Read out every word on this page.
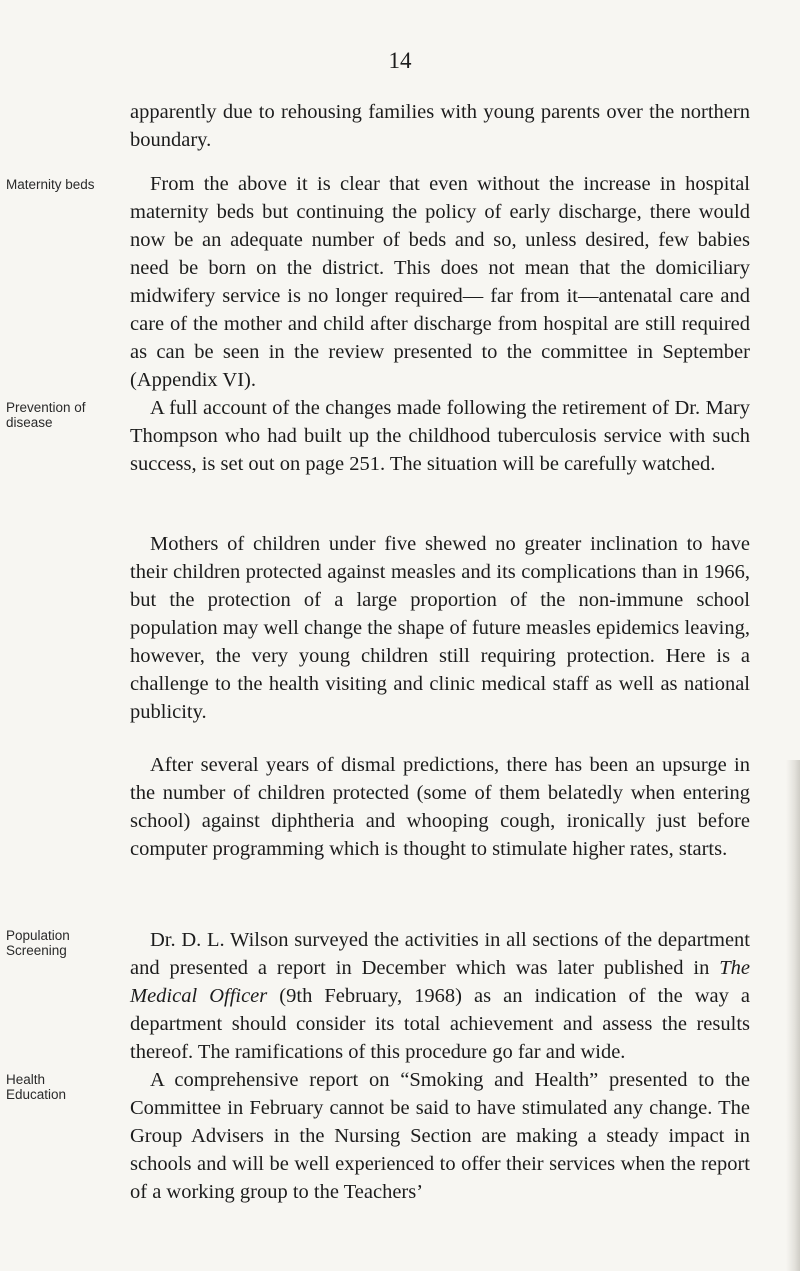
14
Maternity beds
Prevention of disease
Population Screening
Health Education

apparently due to rehousing families with young parents over the northern boundary.

From the above it is clear that even without the increase in hospital maternity beds but continuing the policy of early discharge, there would now be an adequate number of beds and so, unless desired, few babies need be born on the district. This does not mean that the domiciliary midwifery service is no longer required— far from it—antenatal care and care of the mother and child after discharge from hospital are still required as can be seen in the review presented to the committee in September (Appendix VI).

A full account of the changes made following the retirement of Dr. Mary Thompson who had built up the childhood tuberculosis service with such success, is set out on page 251. The situation will be carefully watched.

Mothers of children under five shewed no greater inclination to have their children protected against measles and its complications than in 1966, but the protection of a large proportion of the non-immune school population may well change the shape of future measles epidemics leaving, however, the very young children still requiring protection. Here is a challenge to the health visiting and clinic medical staff as well as national publicity.

After several years of dismal predictions, there has been an upsurge in the number of children protected (some of them belatedly when entering school) against diphtheria and whooping cough, ironically just before computer programming which is thought to stimulate higher rates, starts.

Dr. D. L. Wilson surveyed the activities in all sections of the department and presented a report in December which was later published in The Medical Officer (9th February, 1968) as an indication of the way a department should consider its total achievement and assess the results thereof. The ramifications of this procedure go far and wide.

A comprehensive report on “Smoking and Health” presented to the Committee in February cannot be said to have stimulated any change. The Group Advisers in the Nursing Section are making a steady impact in schools and will be well experienced to offer their services when the report of a working group to the Teachers’
